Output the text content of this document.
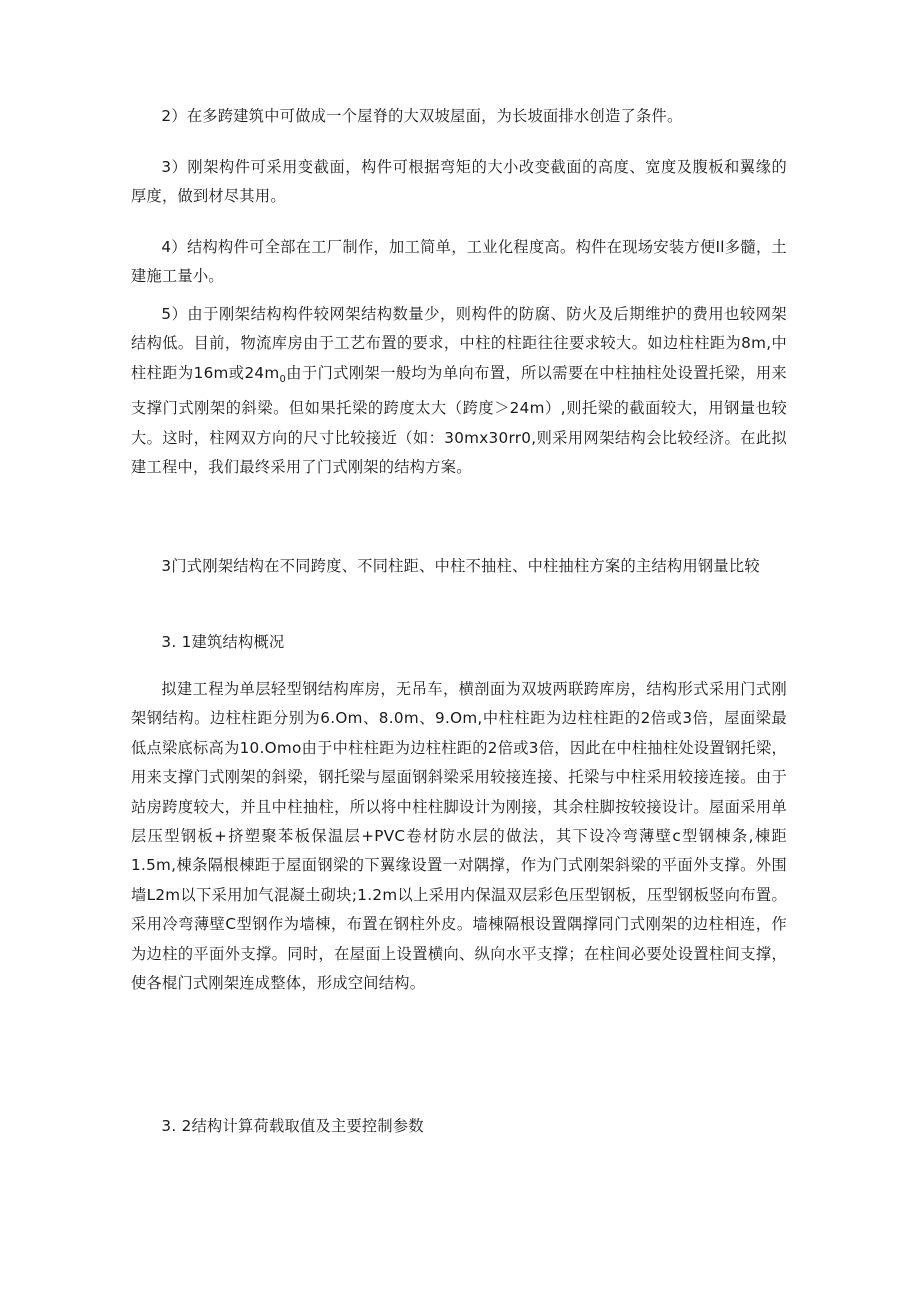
2）在多跨建筑中可做成一个屋脊的大双坡屋面，为长坡面排水创造了条件。

3）刚架构件可采用变截面，构件可根据弯矩的大小改变截面的高度、宽度及腹板和翼缘的厚度，做到材尽其用。

4）结构构件可全部在工厂制作，加工简单，工业化程度高。构件在现场安装方便Il多髓，土建施工量小。

5）由于刚架结构构件较网架结构数量少，则构件的防腐、防火及后期维护的费用也较网架结构低。目前，物流库房由于工艺布置的要求，中柱的柱距往往要求较大。如边柱柱距为8m,中柱柱距为16m或$24m_0$由于门式刚架一般均为单向布置，所以需要在中柱抽柱处设置托梁，用来支撑门式刚架的斜梁。但如果托梁的跨度太大（跨度＞24m）,则托梁的截面较大，用钢量也较大。这时，柱网双方向的尺寸比较接近（如：30mx30rr0,则采用网架结构会比较经济。在此拟建工程中，我们最终采用了门式刚架的结构方案。

3门式刚架结构在不同跨度、不同柱距、中柱不抽柱、中柱抽柱方案的主结构用钢量比较

3. 1建筑结构概况

拟建工程为单层轻型钢结构库房，无吊车，横剖面为双坡两联跨库房，结构形式采用门式刚架钢结构。边柱柱距分别为6.Om、8.0m、9.Om,中柱柱距为边柱柱距的2倍或3倍，屋面梁最低点梁底标高为10.Omo由于中柱柱距为边柱柱距的2倍或3倍，因此在中柱抽柱处设置钢托梁，用来支撑门式刚架的斜梁，钢托梁与屋面钢斜梁采用较接连接、托梁与中柱采用较接连接。由于站房跨度较大，并且中柱抽柱，所以将中柱柱脚设计为刚接，其余柱脚按较接设计。屋面采用单层压型钢板+挤塑聚苯板保温层+PVC卷材防水层的做法，其下设冷弯薄壁c型钢棟条,棟距1.5m,棟条隔根棟距于屋面钢梁的下翼缘设置一对隅撑，作为门式刚架斜梁的平面外支撑。外围墙L2m以下采用加气混凝土砌块;1.2m以上采用内保温双层彩色压型钢板，压型钢板竖向布置。采用冷弯薄壁C型钢作为墙棟，布置在钢柱外皮。墙棟隔根设置隅撑同门式刚架的边柱相连，作为边柱的平面外支撑。同时，在屋面上设置横向、纵向水平支撑；在柱间必要处设置柱间支撑，使各棍门式刚架连成整体，形成空间结构。

3. 2结构计算荷载取值及主要控制参数
